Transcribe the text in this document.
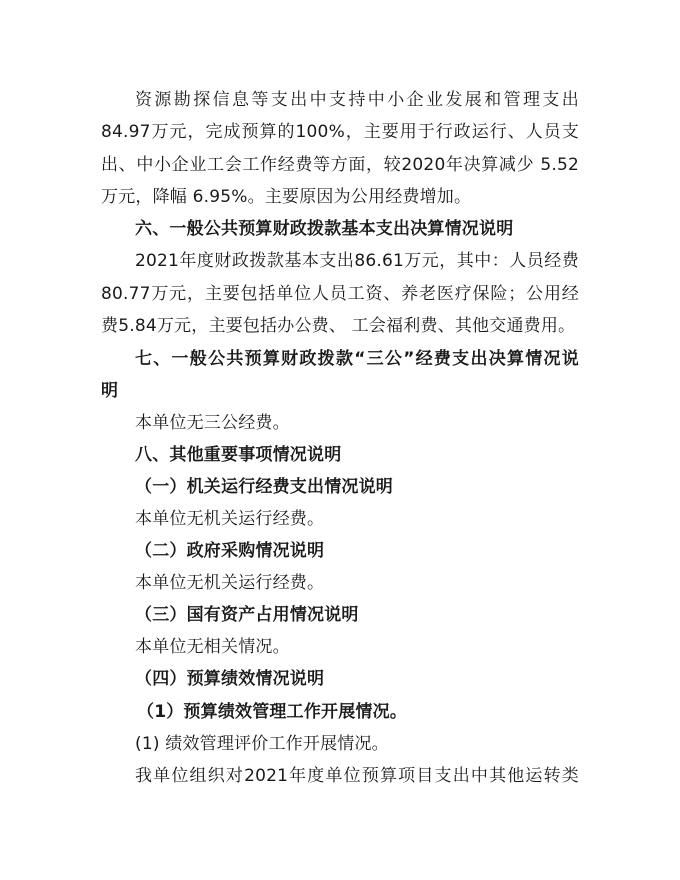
资源勘探信息等支出中支持中小企业发展和管理支出
84.97万元，完成预算的100%，主要用于行政运行、人员支
出、中小企业工会工作经费等方面，较2020年决算减少 5.52
万元，降幅 6.95%。主要原因为公用经费增加。
六、一般公共预算财政拨款基本支出决算情况说明
2021年度财政拨款基本支出86.61万元，其中：人员经费
80.77万元，主要包括单位人员工资、养老医疗保险；公用经
费5.84万元，主要包括办公费、 工会福利费、其他交通费用。
七、一般公共预算财政拨款“三公”经费支出决算情况说
明
本单位无三公经费。
八、其他重要事项情况说明
（一）机关运行经费支出情况说明
本单位无机关运行经费。
（二）政府采购情况说明
本单位无机关运行经费。
（三）国有资产占用情况说明
本单位无相关情况。
（四）预算绩效情况说明
（1）预算绩效管理工作开展情况。
(1) 绩效管理评价工作开展情况。
我单位组织对2021年度单位预算项目支出中其他运转类
